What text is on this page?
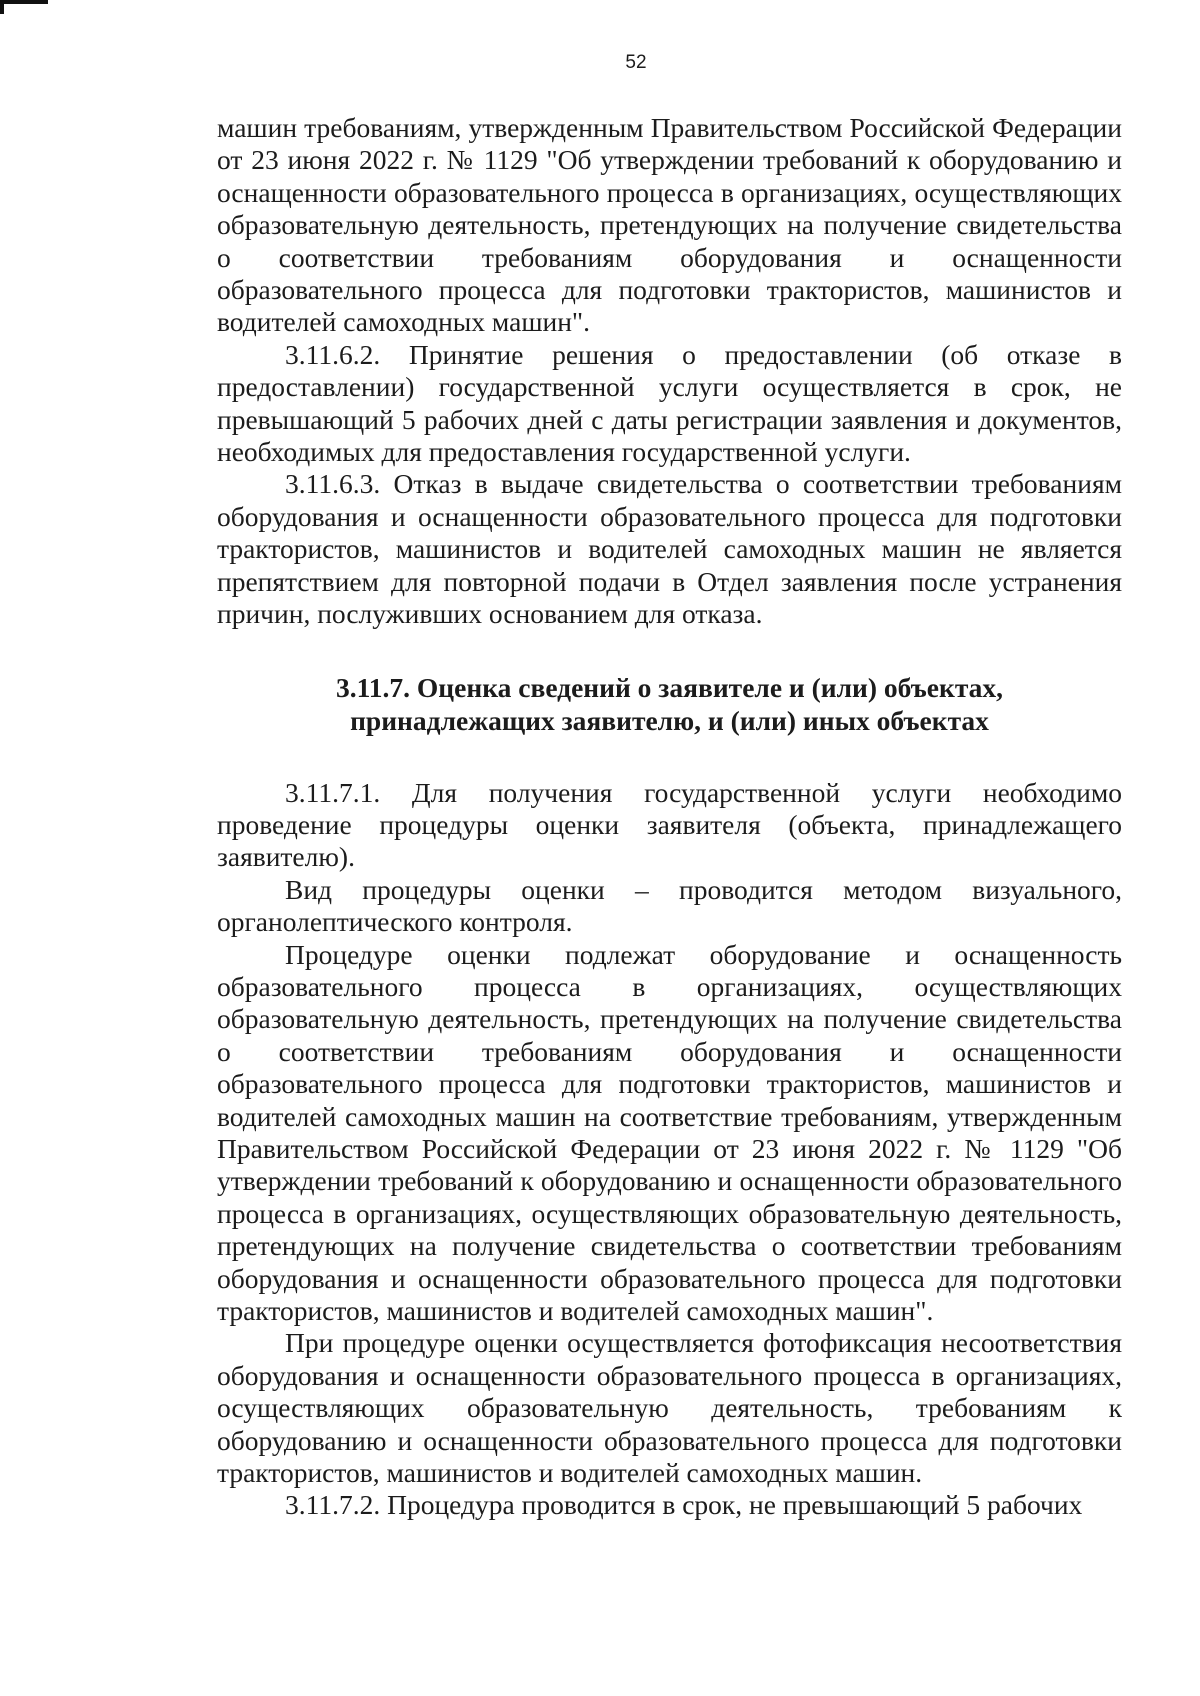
52

машин требованиям, утвержденным Правительством Российской Федерации от 23 июня 2022 г. № 1129 "Об утверждении требований к оборудованию и оснащенности образовательного процесса в организациях, осуществляющих образовательную деятельность, претендующих на получение свидетельства о соответствии требованиям оборудования и оснащенности образовательного процесса для подготовки трактористов, машинистов и водителей самоходных машин".

3.11.6.2. Принятие решения о предоставлении (об отказе в предоставлении) государственной услуги осуществляется в срок, не превышающий 5 рабочих дней с даты регистрации заявления и документов, необходимых для предоставления государственной услуги.

3.11.6.3. Отказ в выдаче свидетельства о соответствии требованиям оборудования и оснащенности образовательного процесса для подготовки трактористов, машинистов и водителей самоходных машин не является препятствием для повторной подачи в Отдел заявления после устранения причин, послуживших основанием для отказа.

3.11.7. Оценка сведений о заявителе и (или) объектах,
принадлежащих заявителю, и (или) иных объектах

3.11.7.1. Для получения государственной услуги необходимо проведение процедуры оценки заявителя (объекта, принадлежащего заявителю).

Вид процедуры оценки – проводится методом визуального, органолептического контроля.

Процедуре оценки подлежат оборудование и оснащенность образовательного процесса в организациях, осуществляющих образовательную деятельность, претендующих на получение свидетельства о соответствии требованиям оборудования и оснащенности образовательного процесса для подготовки трактористов, машинистов и водителей самоходных машин на соответствие требованиям, утвержденным Правительством Российской Федерации от 23 июня 2022 г. № 1129 "Об утверждении требований к оборудованию и оснащенности образовательного процесса в организациях, осуществляющих образовательную деятельность, претендующих на получение свидетельства о соответствии требованиям оборудования и оснащенности образовательного процесса для подготовки трактористов, машинистов и водителей самоходных машин".

При процедуре оценки осуществляется фотофиксация несоответствия оборудования и оснащенности образовательного процесса в организациях, осуществляющих образовательную деятельность, требованиям к оборудованию и оснащенности образовательного процесса для подготовки трактористов, машинистов и водителей самоходных машин.

3.11.7.2. Процедура проводится в срок, не превышающий 5 рабочих
